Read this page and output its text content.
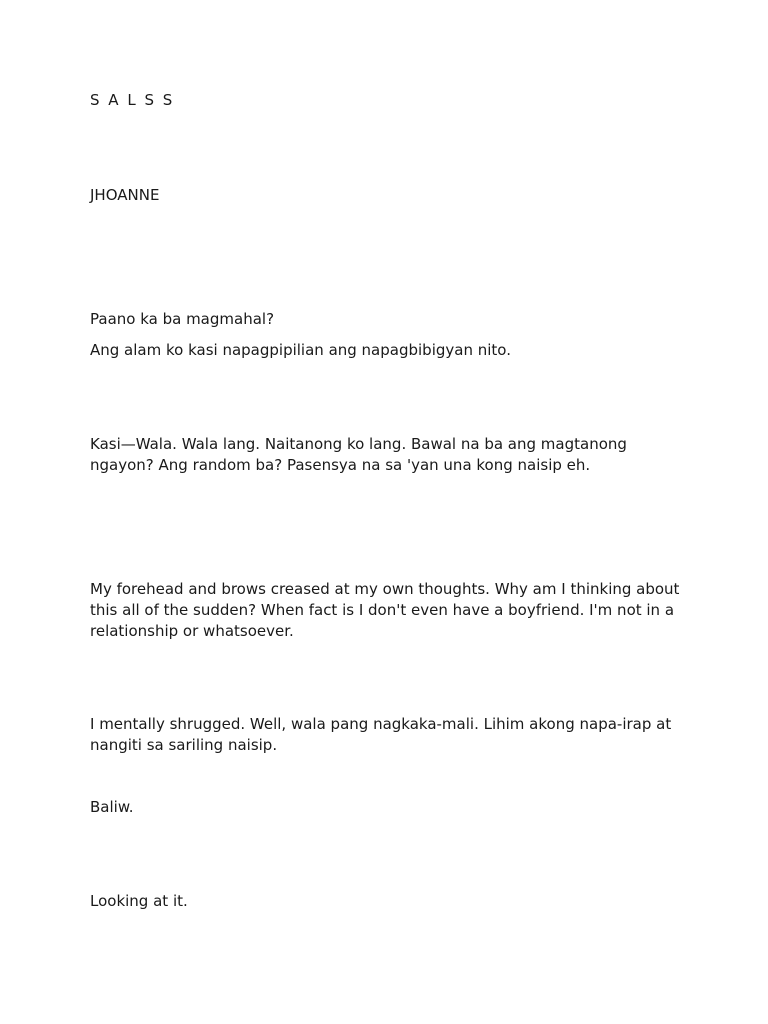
S A L S S

JHOANNE

Paano ka ba magmahal?

Ang alam ko kasi napagpipilian ang napagbibigyan nito.

Kasi—Wala. Wala lang. Naitanong ko lang. Bawal na ba ang magtanong ngayon? Ang random ba? Pasensya na sa 'yan una kong naisip eh.

My forehead and brows creased at my own thoughts. Why am I thinking about this all of the sudden? When fact is I don't even have a boyfriend. I'm not in a relationship or whatsoever.

I mentally shrugged. Well, wala pang nagkaka-mali. Lihim akong napa-irap at nangiti sa sariling naisip.

Baliw.

Looking at it.
